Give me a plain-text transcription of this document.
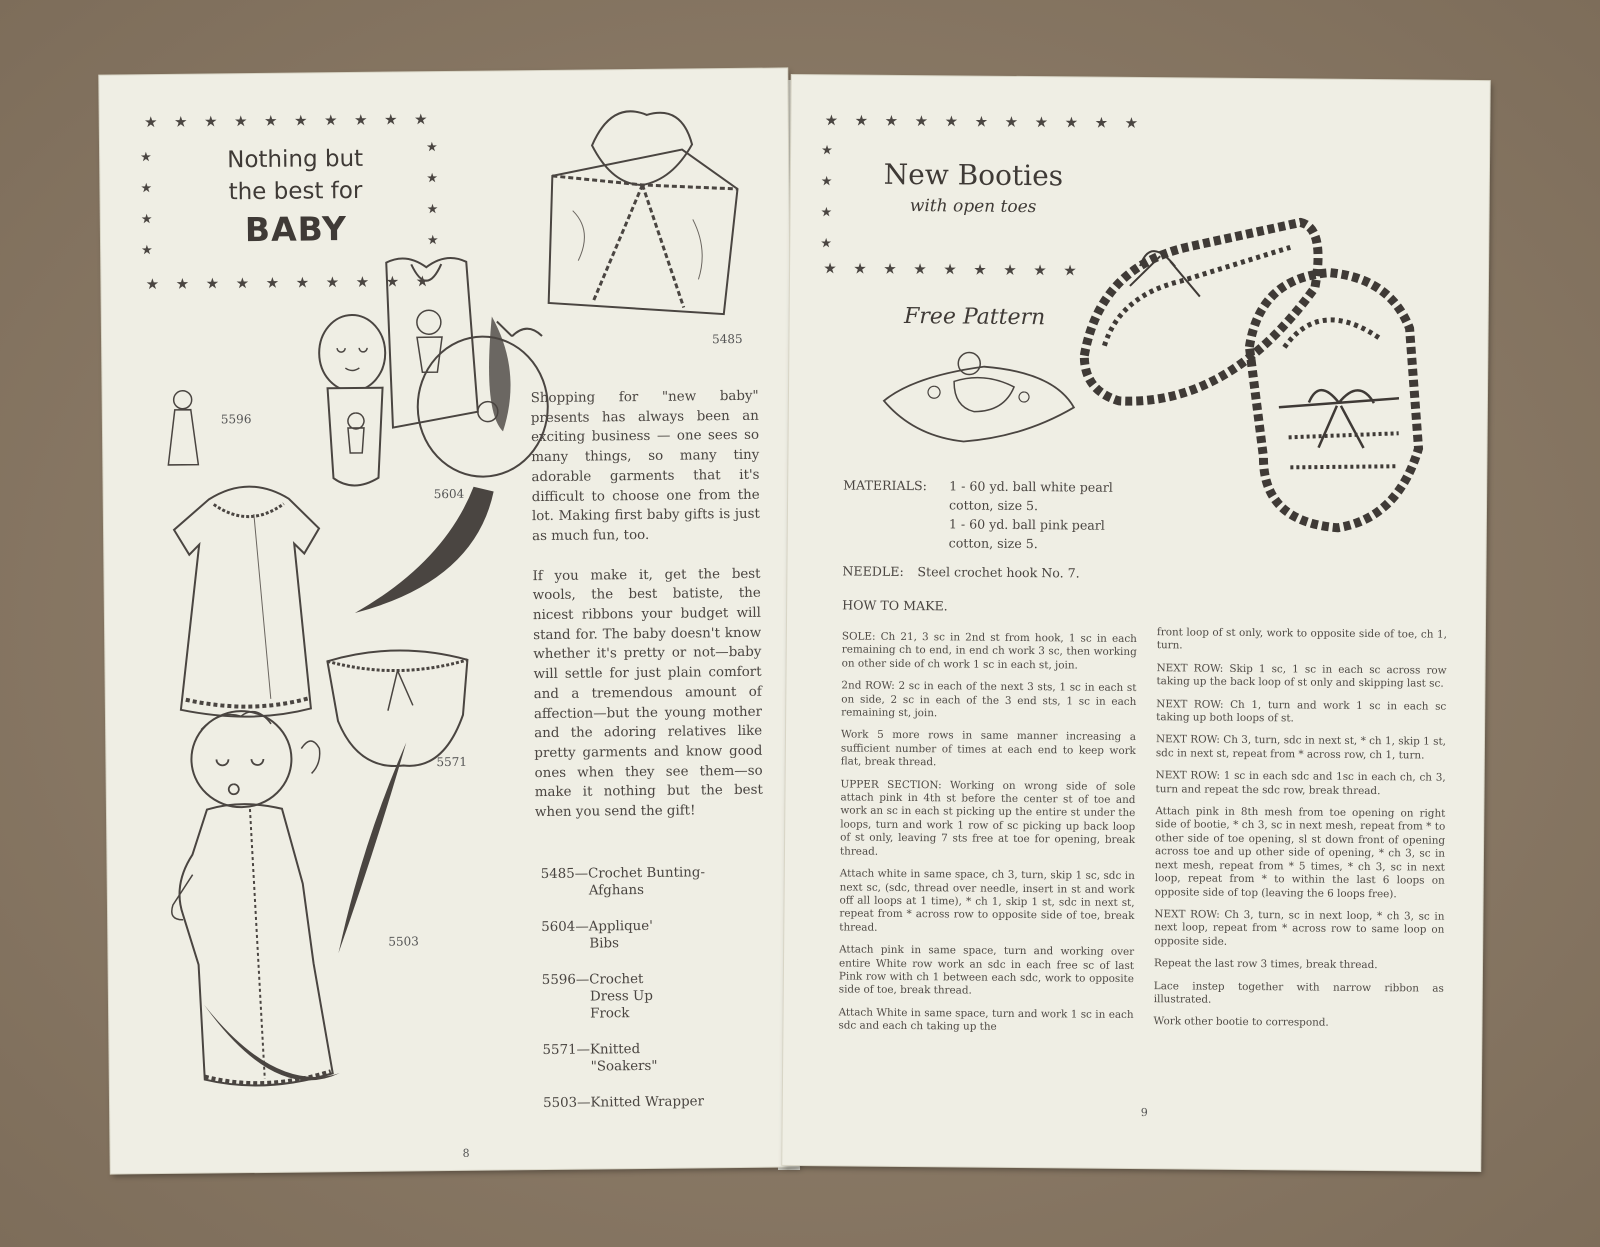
★ ★ ★ ★ ★ ★ ★ ★ ★ ★
★
★
★
★
★
★
★
★
★ ★ ★ ★ ★ ★ ★ ★ ★ ★
Nothing but
the best for
BABY
5485
5604
5596
5571
5503

Shopping for "new baby" presents has always been an exciting business — one sees so many things, so many tiny adorable garments that it's difficult to choose one from the lot. Making first baby gifts is just as much fun, too.

If you make it, get the best wools, the best batiste, the nicest ribbons your budget will stand for. The baby doesn't know whether it's pretty or not—baby will settle for just plain comfort and a tremendous amount of affection—but the young mother and the adoring relatives like pretty garments and know good ones when they see them—so make it nothing but the best when you send the gift!

5485—Crochet Bunting-
Afghans
5604—Applique'
Bibs
5596—Crochet
Dress Up
Frock
5571—Knitted
"Soakers"
5503—Knitted Wrapper
8
★ ★ ★ ★ ★ ★ ★ ★ ★ ★ ★
★
★
★
★
★ ★ ★ ★ ★ ★ ★ ★ ★
New Booties
with open toes
Free Pattern
MATERIALS:	1 - 60 yd. ball white pearl
cotton, size 5.
1 - 60 yd. ball pink pearl
cotton, size 5.
NEEDLE:	Steel crochet hook No. 7.
HOW TO MAKE.

SOLE: Ch 21, 3 sc in 2nd st from hook, 1 sc in each remaining ch to end, in end ch work 3 sc, then working on other side of ch work 1 sc in each st, join.

2nd ROW: 2 sc in each of the next 3 sts, 1 sc in each st on side, 2 sc in each of the 3 end sts, 1 sc in each remaining st, join.

Work 5 more rows in same manner increasing a sufficient number of times at each end to keep work flat, break thread.

UPPER SECTION: Working on wrong side of sole attach pink in 4th st before the center st of toe and work an sc in each st picking up the entire st under the loops, turn and work 1 row of sc picking up back loop of st only, leaving 7 sts free at toe for opening, break thread.

Attach white in same space, ch 3, turn, skip 1 sc, sdc in next sc, (sdc, thread over needle, insert in st and work off all loops at 1 time), * ch 1, skip 1 st, sdc in next st, repeat from * across row to opposite side of toe, break thread.

Attach pink in same space, turn and working over entire White row work an sdc in each free sc of last Pink row with ch 1 between each sdc, work to opposite side of toe, break thread.

Attach White in same space, turn and work 1 sc in each sdc and each ch taking up the

front loop of st only, work to opposite side of toe, ch 1, turn.

NEXT ROW: Skip 1 sc, 1 sc in each sc across row taking up the back loop of st only and skipping last sc.

NEXT ROW: Ch 1, turn and work 1 sc in each sc taking up both loops of st.

NEXT ROW: Ch 3, turn, sdc in next st, * ch 1, skip 1 st, sdc in next st, repeat from * across row, ch 1, turn.

NEXT ROW: 1 sc in each sdc and 1sc in each ch, ch 3, turn and repeat the sdc row, break thread.

Attach pink in 8th mesh from toe opening on right side of bootie, * ch 3, sc in next mesh, repeat from * to other side of toe opening, sl st down front of opening across toe and up other side of opening, * ch 3, sc in next mesh, repeat from * 5 times, * ch 3, sc in next loop, repeat from * to within the last 6 loops on opposite side of top (leaving the 6 loops free).

NEXT ROW: Ch 3, turn, sc in next loop, * ch 3, sc in next loop, repeat from * across row to same loop on opposite side.

Repeat the last row 3 times, break thread.

Lace instep together with narrow ribbon as illustrated.

Work other bootie to correspond.

9
